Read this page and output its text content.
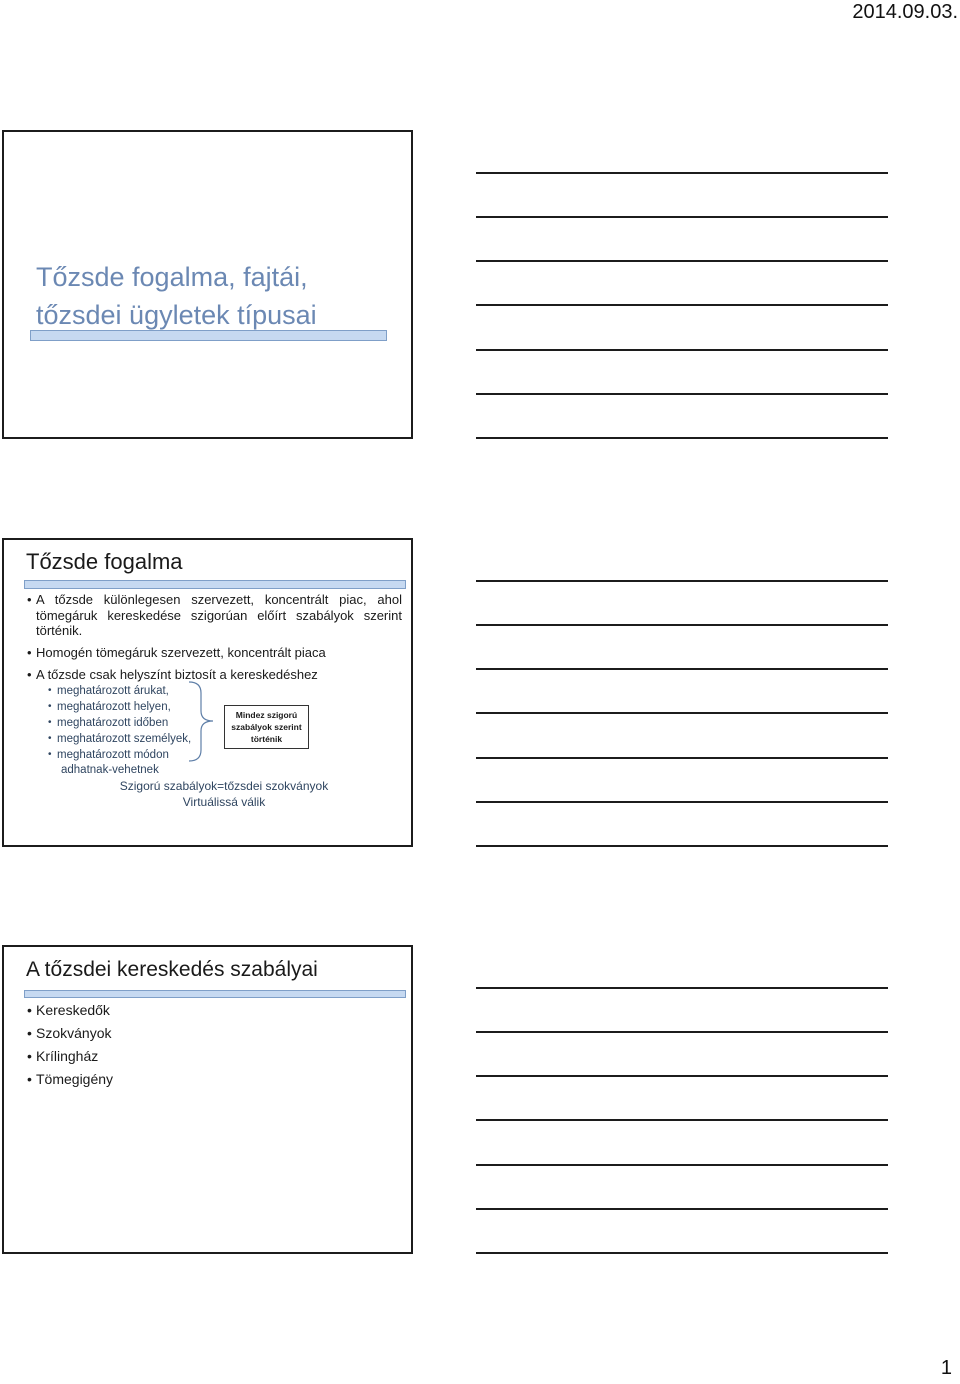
2014.09.03.
Tőzsde fogalma, fajtái,
tőzsdei ügyletek típusai
Tőzsde fogalma
• A tőzsde különlegesen szervezett, koncentrált piac, ahol tömegáruk kereskedése szigorúan előírt szabályok szerint történik.
• Homogén tömegáruk szervezett, koncentrált piaca
• A tőzsde csak helyszínt biztosít a kereskedéshez
• meghatározott árukat,
• meghatározott helyen,
• meghatározott időben
• meghatározott személyek,
• meghatározott módon
adhatnak-vehetnek
Mindez szigorú
szabályok szerint
történik
Szigorú szabályok=tőzsdei szokványok
Virtuálissá válik
A tőzsdei kereskedés szabályai
• Kereskedők
• Szokványok
• Krílingház
• Tömegigény
1
